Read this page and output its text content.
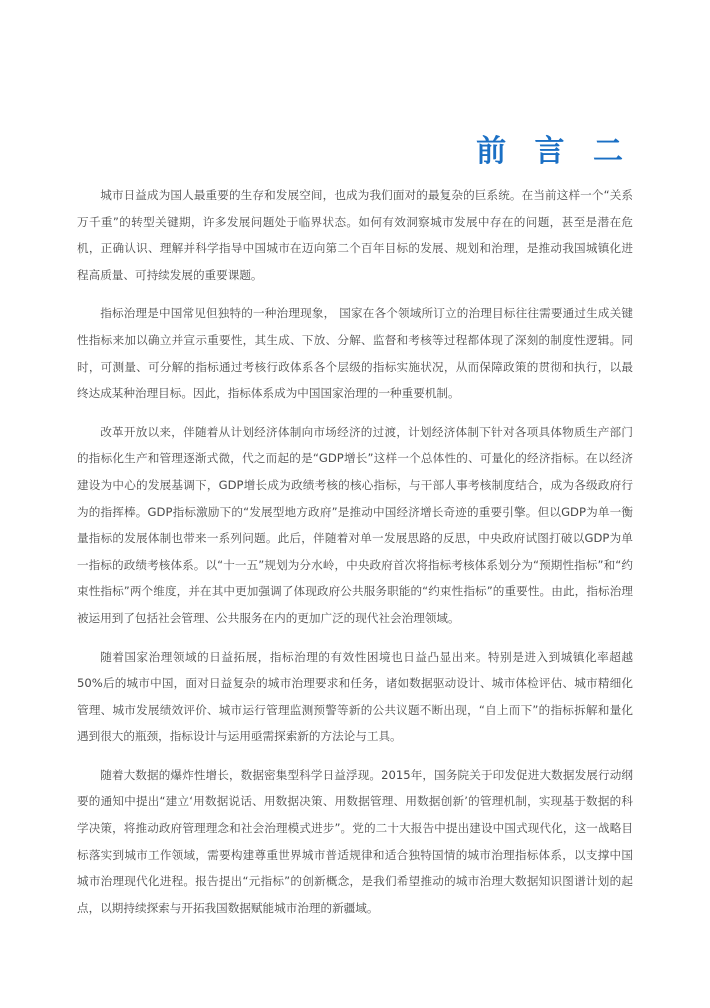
前 言 二

城市日益成为国人最重要的生存和发展空间，也成为我们面对的最复杂的巨系统。在当前这样一个“关系万千重”的转型关键期，许多发展问题处于临界状态。如何有效洞察城市发展中存在的问题，甚至是潜在危机，正确认识、理解并科学指导中国城市在迈向第二个百年目标的发展、规划和治理，是推动我国城镇化进程高质量、可持续发展的重要课题。

指标治理是中国常见但独特的一种治理现象， 国家在各个领域所订立的治理目标往往需要通过生成关键性指标来加以确立并宣示重要性，其生成、下放、分解、监督和考核等过程都体现了深刻的制度性逻辑。同时，可测量、可分解的指标通过考核行政体系各个层级的指标实施状况，从而保障政策的贯彻和执行，以最终达成某种治理目标。因此，指标体系成为中国国家治理的一种重要机制。

改革开放以来，伴随着从计划经济体制向市场经济的过渡，计划经济体制下针对各项具体物质生产部门的指标化生产和管理逐渐式微，代之而起的是“GDP增长”这样一个总体性的、可量化的经济指标。在以经济建设为中心的发展基调下，GDP增长成为政绩考核的核心指标，与干部人事考核制度结合，成为各级政府行为的指挥棒。GDP指标激励下的“发展型地方政府”是推动中国经济增长奇迹的重要引擎。但以GDP为单一衡量指标的发展体制也带来一系列问题。此后，伴随着对单一发展思路的反思，中央政府试图打破以GDP为单一指标的政绩考核体系。以“十一五”规划为分水岭，中央政府首次将指标考核体系划分为“预期性指标”和“约束性指标”两个维度，并在其中更加强调了体现政府公共服务职能的“约束性指标”的重要性。由此，指标治理被运用到了包括社会管理、公共服务在内的更加广泛的现代社会治理领域。

随着国家治理领域的日益拓展，指标治理的有效性困境也日益凸显出来。特别是进入到城镇化率超越50%后的城市中国，面对日益复杂的城市治理要求和任务，诸如数据驱动设计、城市体检评估、城市精细化管理、城市发展绩效评价、城市运行管理监测预警等新的公共议题不断出现，“自上而下”的指标拆解和量化遇到很大的瓶颈，指标设计与运用亟需探索新的方法论与工具。

随着大数据的爆炸性增长，数据密集型科学日益浮现。2015年，国务院关于印发促进大数据发展行动纲要的通知中提出“建立‘用数据说话、用数据决策、用数据管理、用数据创新’的管理机制，实现基于数据的科学决策，将推动政府管理理念和社会治理模式进步”。党的二十大报告中提出建设中国式现代化，这一战略目标落实到城市工作领域，需要构建尊重世界城市普适规律和适合独特国情的城市治理指标体系，以支撑中国城市治理现代化进程。报告提出“元指标”的创新概念，是我们希望推动的城市治理大数据知识图谱计划的起点，以期持续探索与开拓我国数据赋能城市治理的新疆域。
